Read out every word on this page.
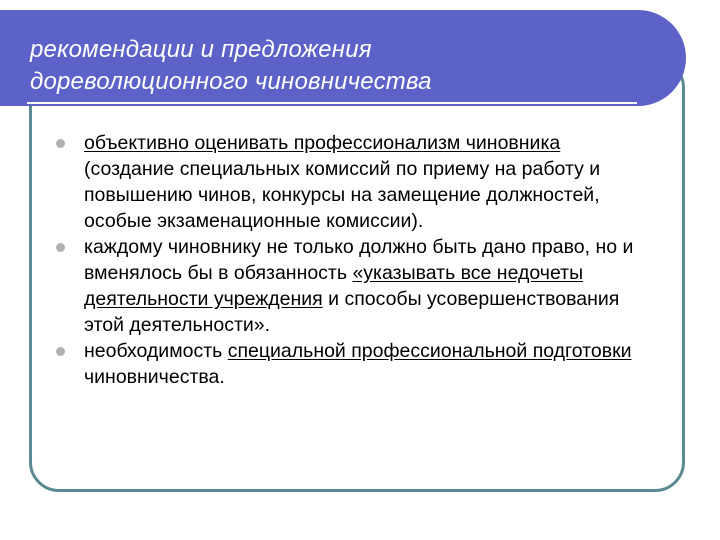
рекомендации и предложения
дореволюционного чиновничества
объективно оценивать профессионализм чиновника (создание специальных комиссий по приему на работу и повышению чинов, конкурсы на замещение должностей, особые экзаменационные комиссии).
каждому чиновнику не только должно быть дано право, но и вменялось бы в обязанность «указывать все недочеты деятельности учреждения и способы усовершенствования этой деятельности».
необходимость специальной профессиональной подготовки чиновничества.
